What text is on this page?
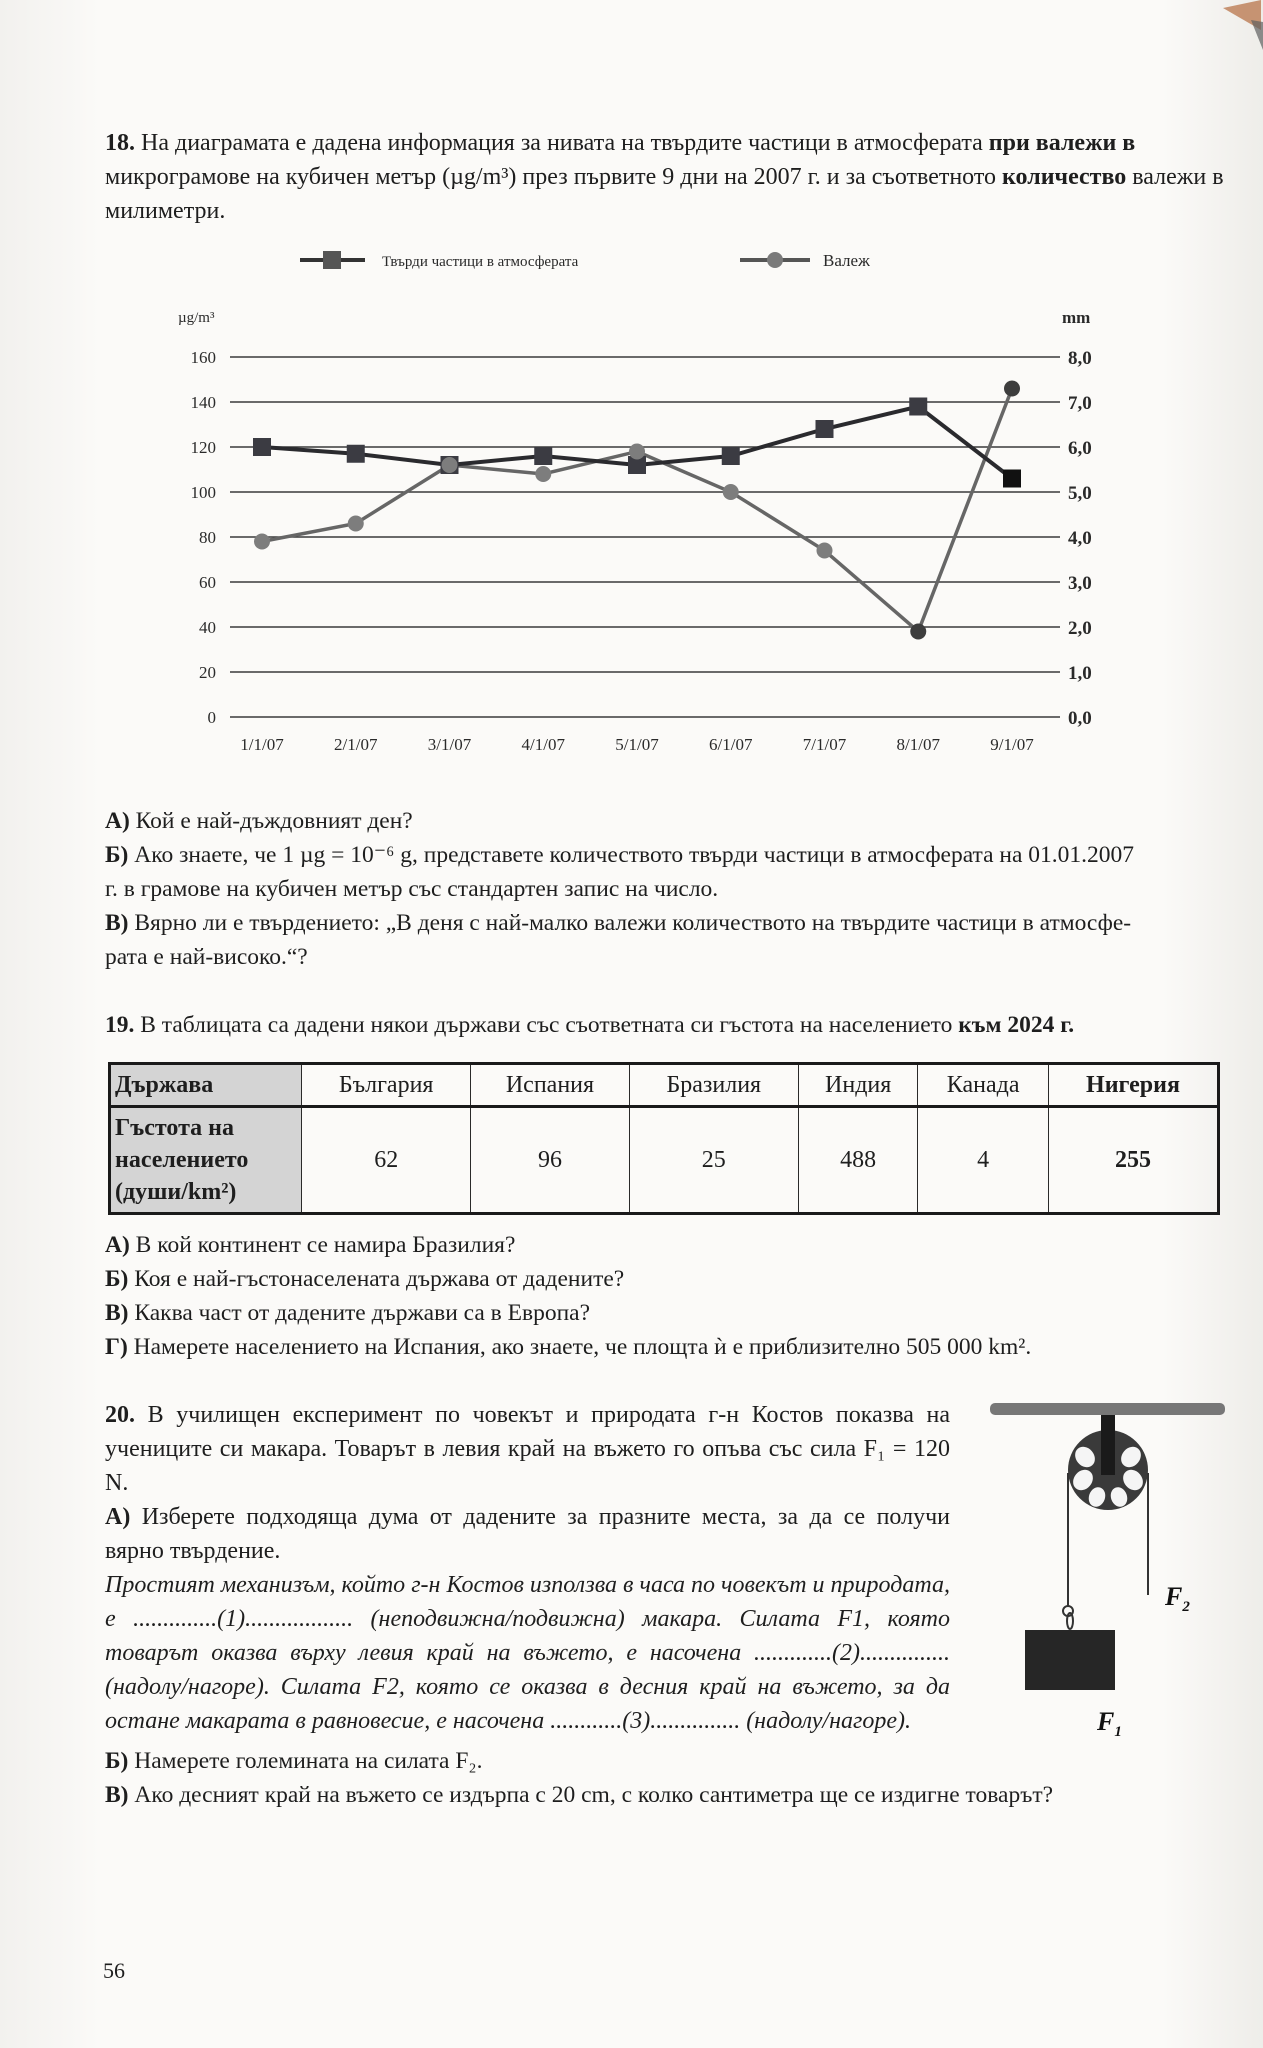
18. На диаграмата е дадена информация за нивата на твърдите частици в атмосферата при валежи в микрограмове на кубичен метър (µg/m³) през първите 9 дни на 2007 г. и за съответното количество валежи в милиметри.
Твърди частици в атмосферата	Валеж
µg/m³	mm
0	0,0
20	1,0
40	2,0
60	3,0
80	4,0
100	5,0
120	6,0
140	7,0
160	8,0
1/1/07	2/1/07	3/1/07	4/1/07	5/1/07	6/1/07	7/1/07	8/1/07	9/1/07
А) Кой е най-дъждовният ден?
Б) Ако знаете, че 1 µg = 10⁻⁶ g, представете количеството твърди частици в атмосферата на 01.01.2007
г. в грамове на кубичен метър със стандартен запис на число.
В) Вярно ли е твърдението: „В деня с най-малко валежи количеството на твърдите частици в атмосфе-
рата е най-високо.“?
19. В таблицата са дадени някои държави със съответната си гъстота на населението към 2024 г.
Държава	България	Испания	Бразилия	Индия	Канада	Нигерия
Гъстота на
населението
(души/km²)	62	96	25	488	4	255
А) В кой континент се намира Бразилия?
Б) Коя е най-гъстонаселената държава от дадените?
В) Каква част от дадените държави са в Европа?
Г) Намерете населението на Испания, ако знаете, че площта ѝ е приблизително 505 000 km².
20. В училищен експеримент по човекът и природата г-н Костов показва на учениците си макара. Товарът в левия край на въжето го опъва със сила F₁ = 120 N.
А) Изберете подходяща дума от дадените за празните места, за да се получи вярно твърдение.
Простият механизъм, който г-н Костов използва в часа по човекът и природата, е ..............(1).................. (неподвижна/подвижна) макара. Силата F1, която товарът оказва върху левия край на въжето, е насочена .............(2)............... (надолу/нагоре). Силата F2, която се оказва в десния край на въжето, за да остане макарата в равновесие, е насочена ............(3)............... (надолу/нагоре).
Б) Намерете големината на силата F₂.
В) Ако десният край на въжето се издърпа с 20 cm, с колко сантиметра ще се издигне товарът?
$F_2$
$F_1$
56
